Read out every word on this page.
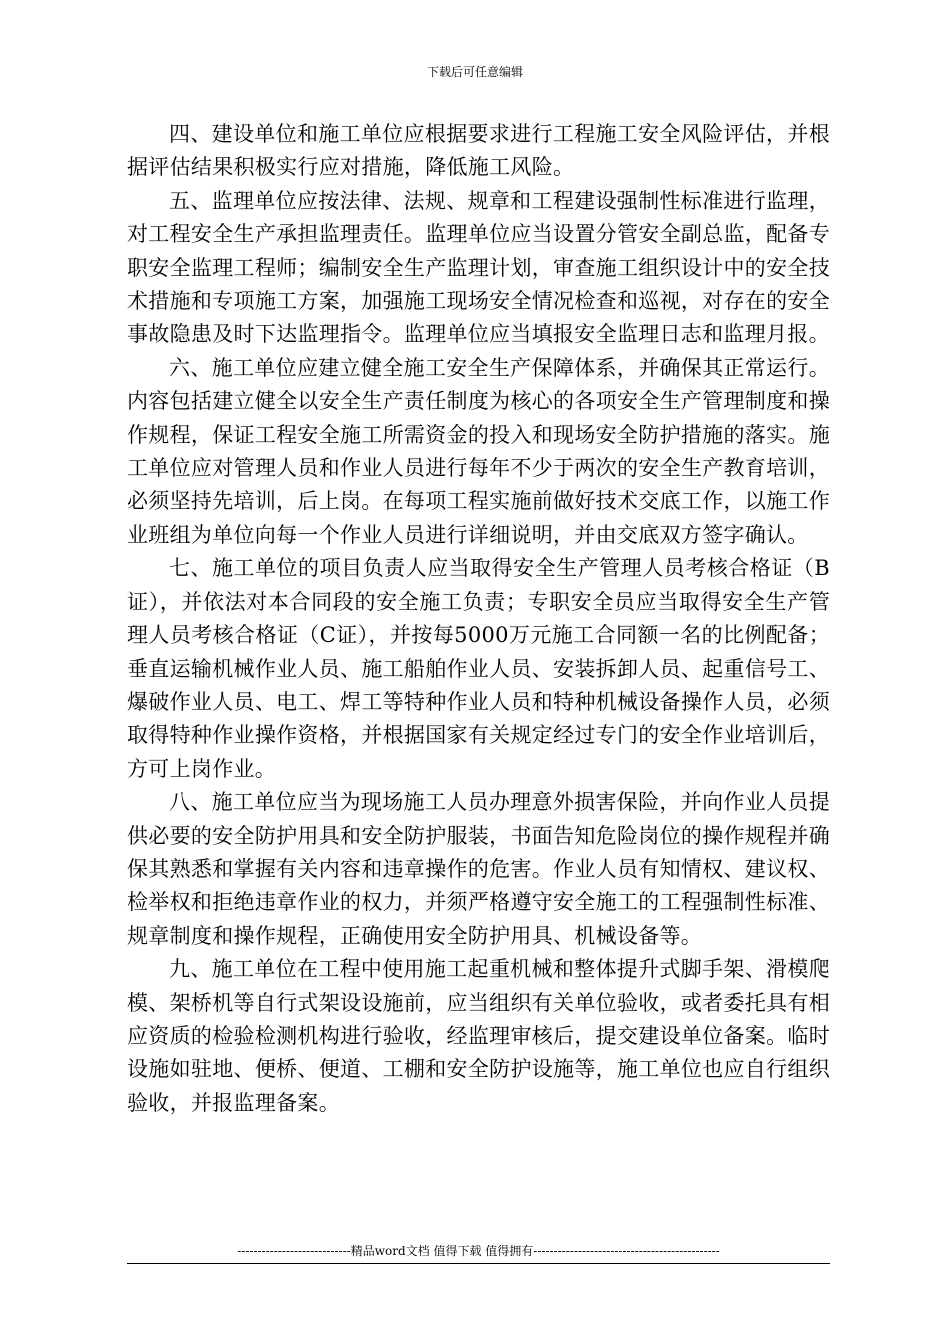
下载后可任意编辑

四、建设单位和施工单位应根据要求进行工程施工安全风险评估，并根据评估结果积极实行应对措施，降低施工风险。

五、监理单位应按法律、法规、规章和工程建设强制性标准进行监理，对工程安全生产承担监理责任。监理单位应当设置分管安全副总监，配备专职安全监理工程师；编制安全生产监理计划，审查施工组织设计中的安全技术措施和专项施工方案，加强施工现场安全情况检查和巡视，对存在的安全事故隐患及时下达监理指令。监理单位应当填报安全监理日志和监理月报。

六、施工单位应建立健全施工安全生产保障体系，并确保其正常运行。内容包括建立健全以安全生产责任制度为核心的各项安全生产管理制度和操作规程，保证工程安全施工所需资金的投入和现场安全防护措施的落实。施工单位应对管理人员和作业人员进行每年不少于两次的安全生产教育培训，必须坚持先培训，后上岗。在每项工程实施前做好技术交底工作，以施工作业班组为单位向每一个作业人员进行详细说明，并由交底双方签字确认。

七、施工单位的项目负责人应当取得安全生产管理人员考核合格证（B证），并依法对本合同段的安全施工负责；专职安全员应当取得安全生产管理人员考核合格证（C证），并按每5000万元施工合同额一名的比例配备；垂直运输机械作业人员、施工船舶作业人员、安装拆卸人员、起重信号工、爆破作业人员、电工、焊工等特种作业人员和特种机械设备操作人员，必须取得特种作业操作资格，并根据国家有关规定经过专门的安全作业培训后，方可上岗作业。

八、施工单位应当为现场施工人员办理意外损害保险，并向作业人员提供必要的安全防护用具和安全防护服装，书面告知危险岗位的操作规程并确保其熟悉和掌握有关内容和违章操作的危害。作业人员有知情权、建议权、检举权和拒绝违章作业的权力，并须严格遵守安全施工的工程强制性标准、规章制度和操作规程，正确使用安全防护用具、机械设备等。

九、施工单位在工程中使用施工起重机械和整体提升式脚手架、滑模爬模、架桥机等自行式架设设施前，应当组织有关单位验收，或者委托具有相应资质的检验检测机构进行验收，经监理审核后，提交建设单位备案。临时设施如驻地、便桥、便道、工棚和安全防护设施等，施工单位也应自行组织验收，并报监理备案。

----------------------------精品word文档 值得下载 值得拥有----------------------------------------------
